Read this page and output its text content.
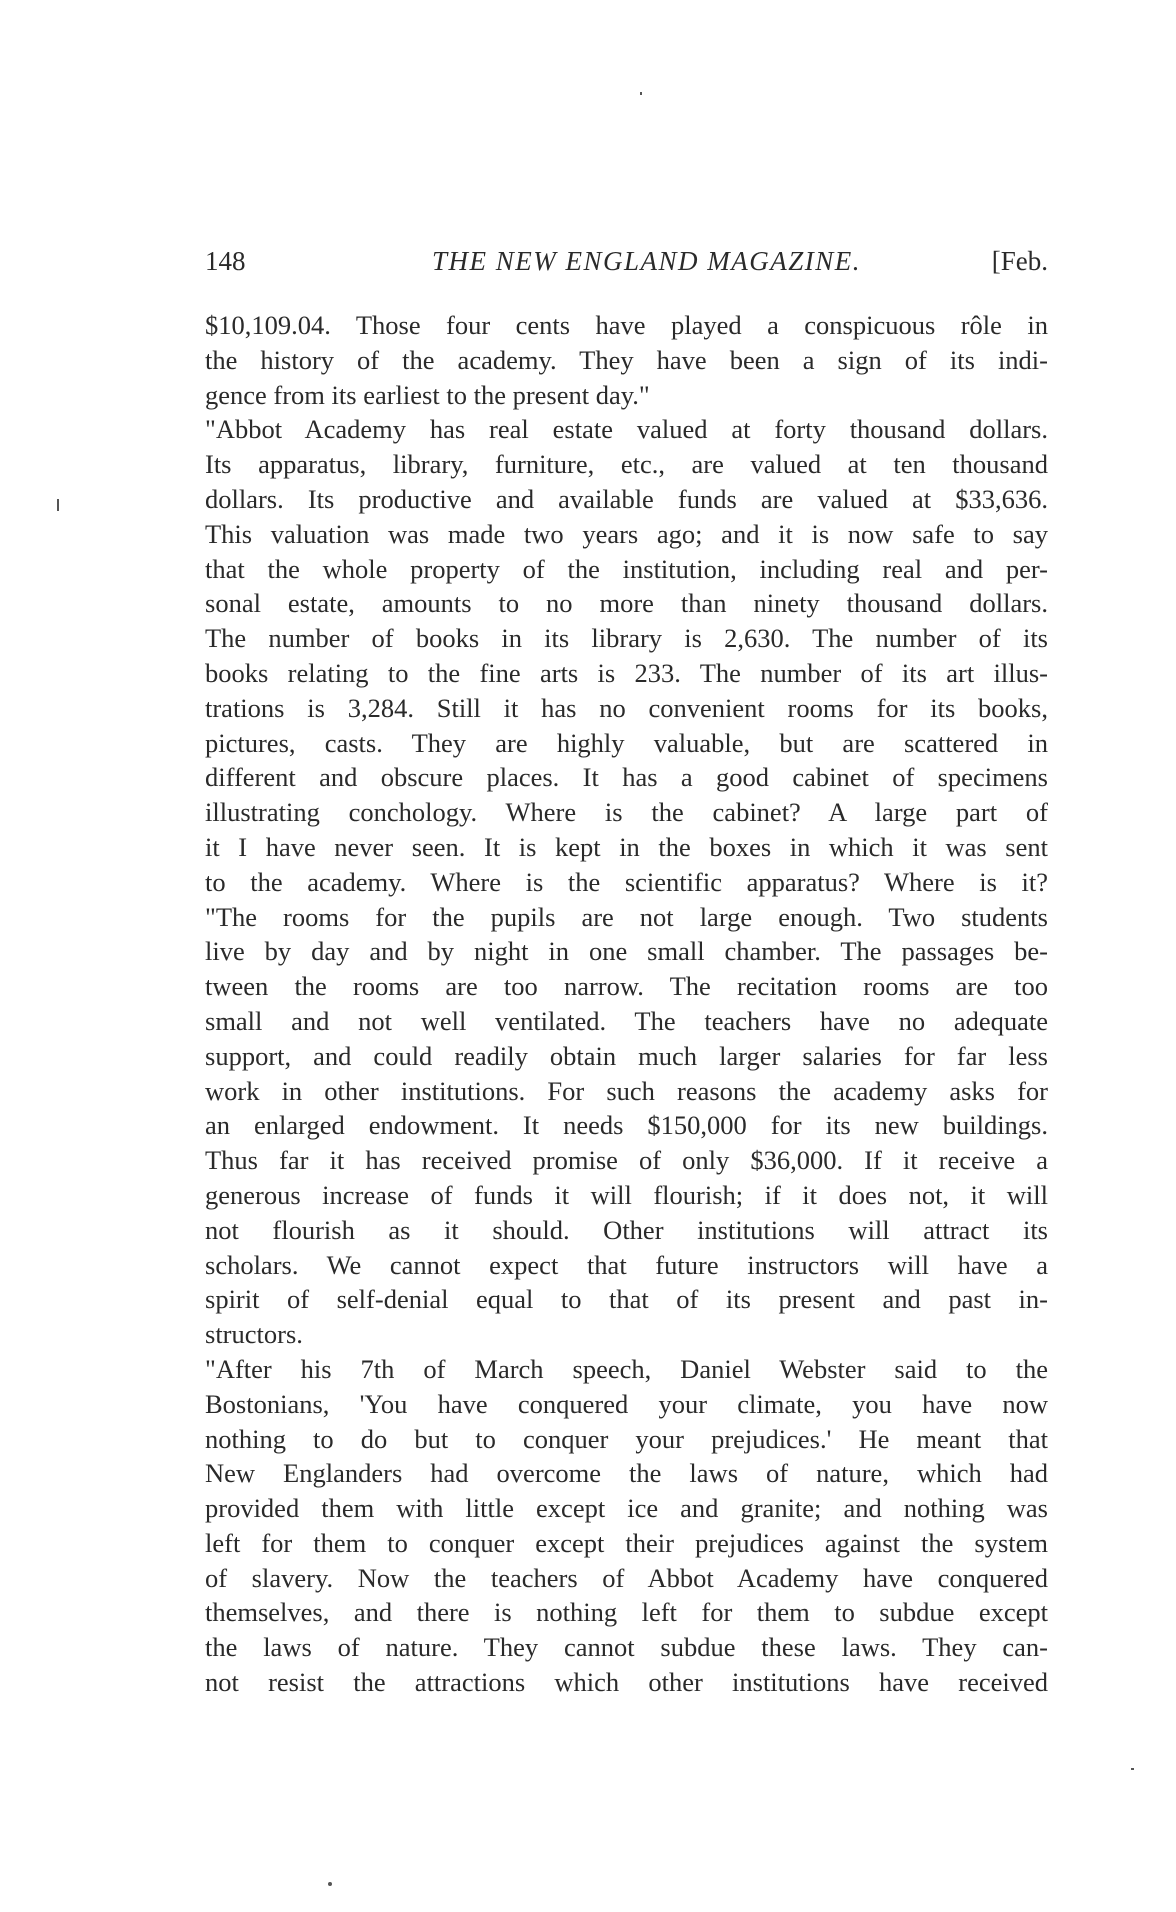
148	THE NEW ENGLAND MAGAZINE.	[Feb.
$10,109.04. Those four cents have played a conspicuous rôle in
the history of the academy. They have been a sign of its indi-
gence from its earliest to the present day."
"Abbot Academy has real estate valued at forty thousand dollars.
Its apparatus, library, furniture, etc., are valued at ten thousand
dollars. Its productive and available funds are valued at $33,636.
This valuation was made two years ago; and it is now safe to say
that the whole property of the institution, including real and per-
sonal estate, amounts to no more than ninety thousand dollars.
The number of books in its library is 2,630. The number of its
books relating to the fine arts is 233. The number of its art illus-
trations is 3,284. Still it has no convenient rooms for its books,
pictures, casts. They are highly valuable, but are scattered in
different and obscure places. It has a good cabinet of specimens
illustrating conchology. Where is the cabinet? A large part of
it I have never seen. It is kept in the boxes in which it was sent
to the academy. Where is the scientific apparatus? Where is it?
"The rooms for the pupils are not large enough. Two students
live by day and by night in one small chamber. The passages be-
tween the rooms are too narrow. The recitation rooms are too
small and not well ventilated. The teachers have no adequate
support, and could readily obtain much larger salaries for far less
work in other institutions. For such reasons the academy asks for
an enlarged endowment. It needs $150,000 for its new buildings.
Thus far it has received promise of only $36,000. If it receive a
generous increase of funds it will flourish; if it does not, it will
not flourish as it should. Other institutions will attract its
scholars. We cannot expect that future instructors will have a
spirit of self-denial equal to that of its present and past in-
structors.
"After his 7th of March speech, Daniel Webster said to the
Bostonians, 'You have conquered your climate, you have now
nothing to do but to conquer your prejudices.' He meant that
New Englanders had overcome the laws of nature, which had
provided them with little except ice and granite; and nothing was
left for them to conquer except their prejudices against the system
of slavery. Now the teachers of Abbot Academy have conquered
themselves, and there is nothing left for them to subdue except
the laws of nature. They cannot subdue these laws. They can-
not resist the attractions which other institutions have received
